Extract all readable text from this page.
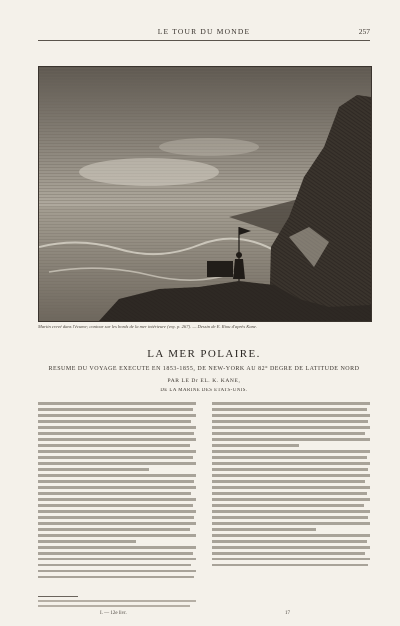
LE TOUR DU MONDE	257
Martin crevé dans l'écume; contour sur les bords de la mer intérieure (voy. p. 267). — Dessin de E. Riou d'après Kane.
LA MER POLAIRE.
RÉSUMÉ DU VOYAGE EXÉCUTÉ EN 1853-1855, DE NEW-YORK AU 82° DEGRÉ DE LATITUDE NORD
PAR LE Dr EL. K. KANE,
DE LA MARINE DES ÉTATS-UNIS.
I. — 12e livr.	17
